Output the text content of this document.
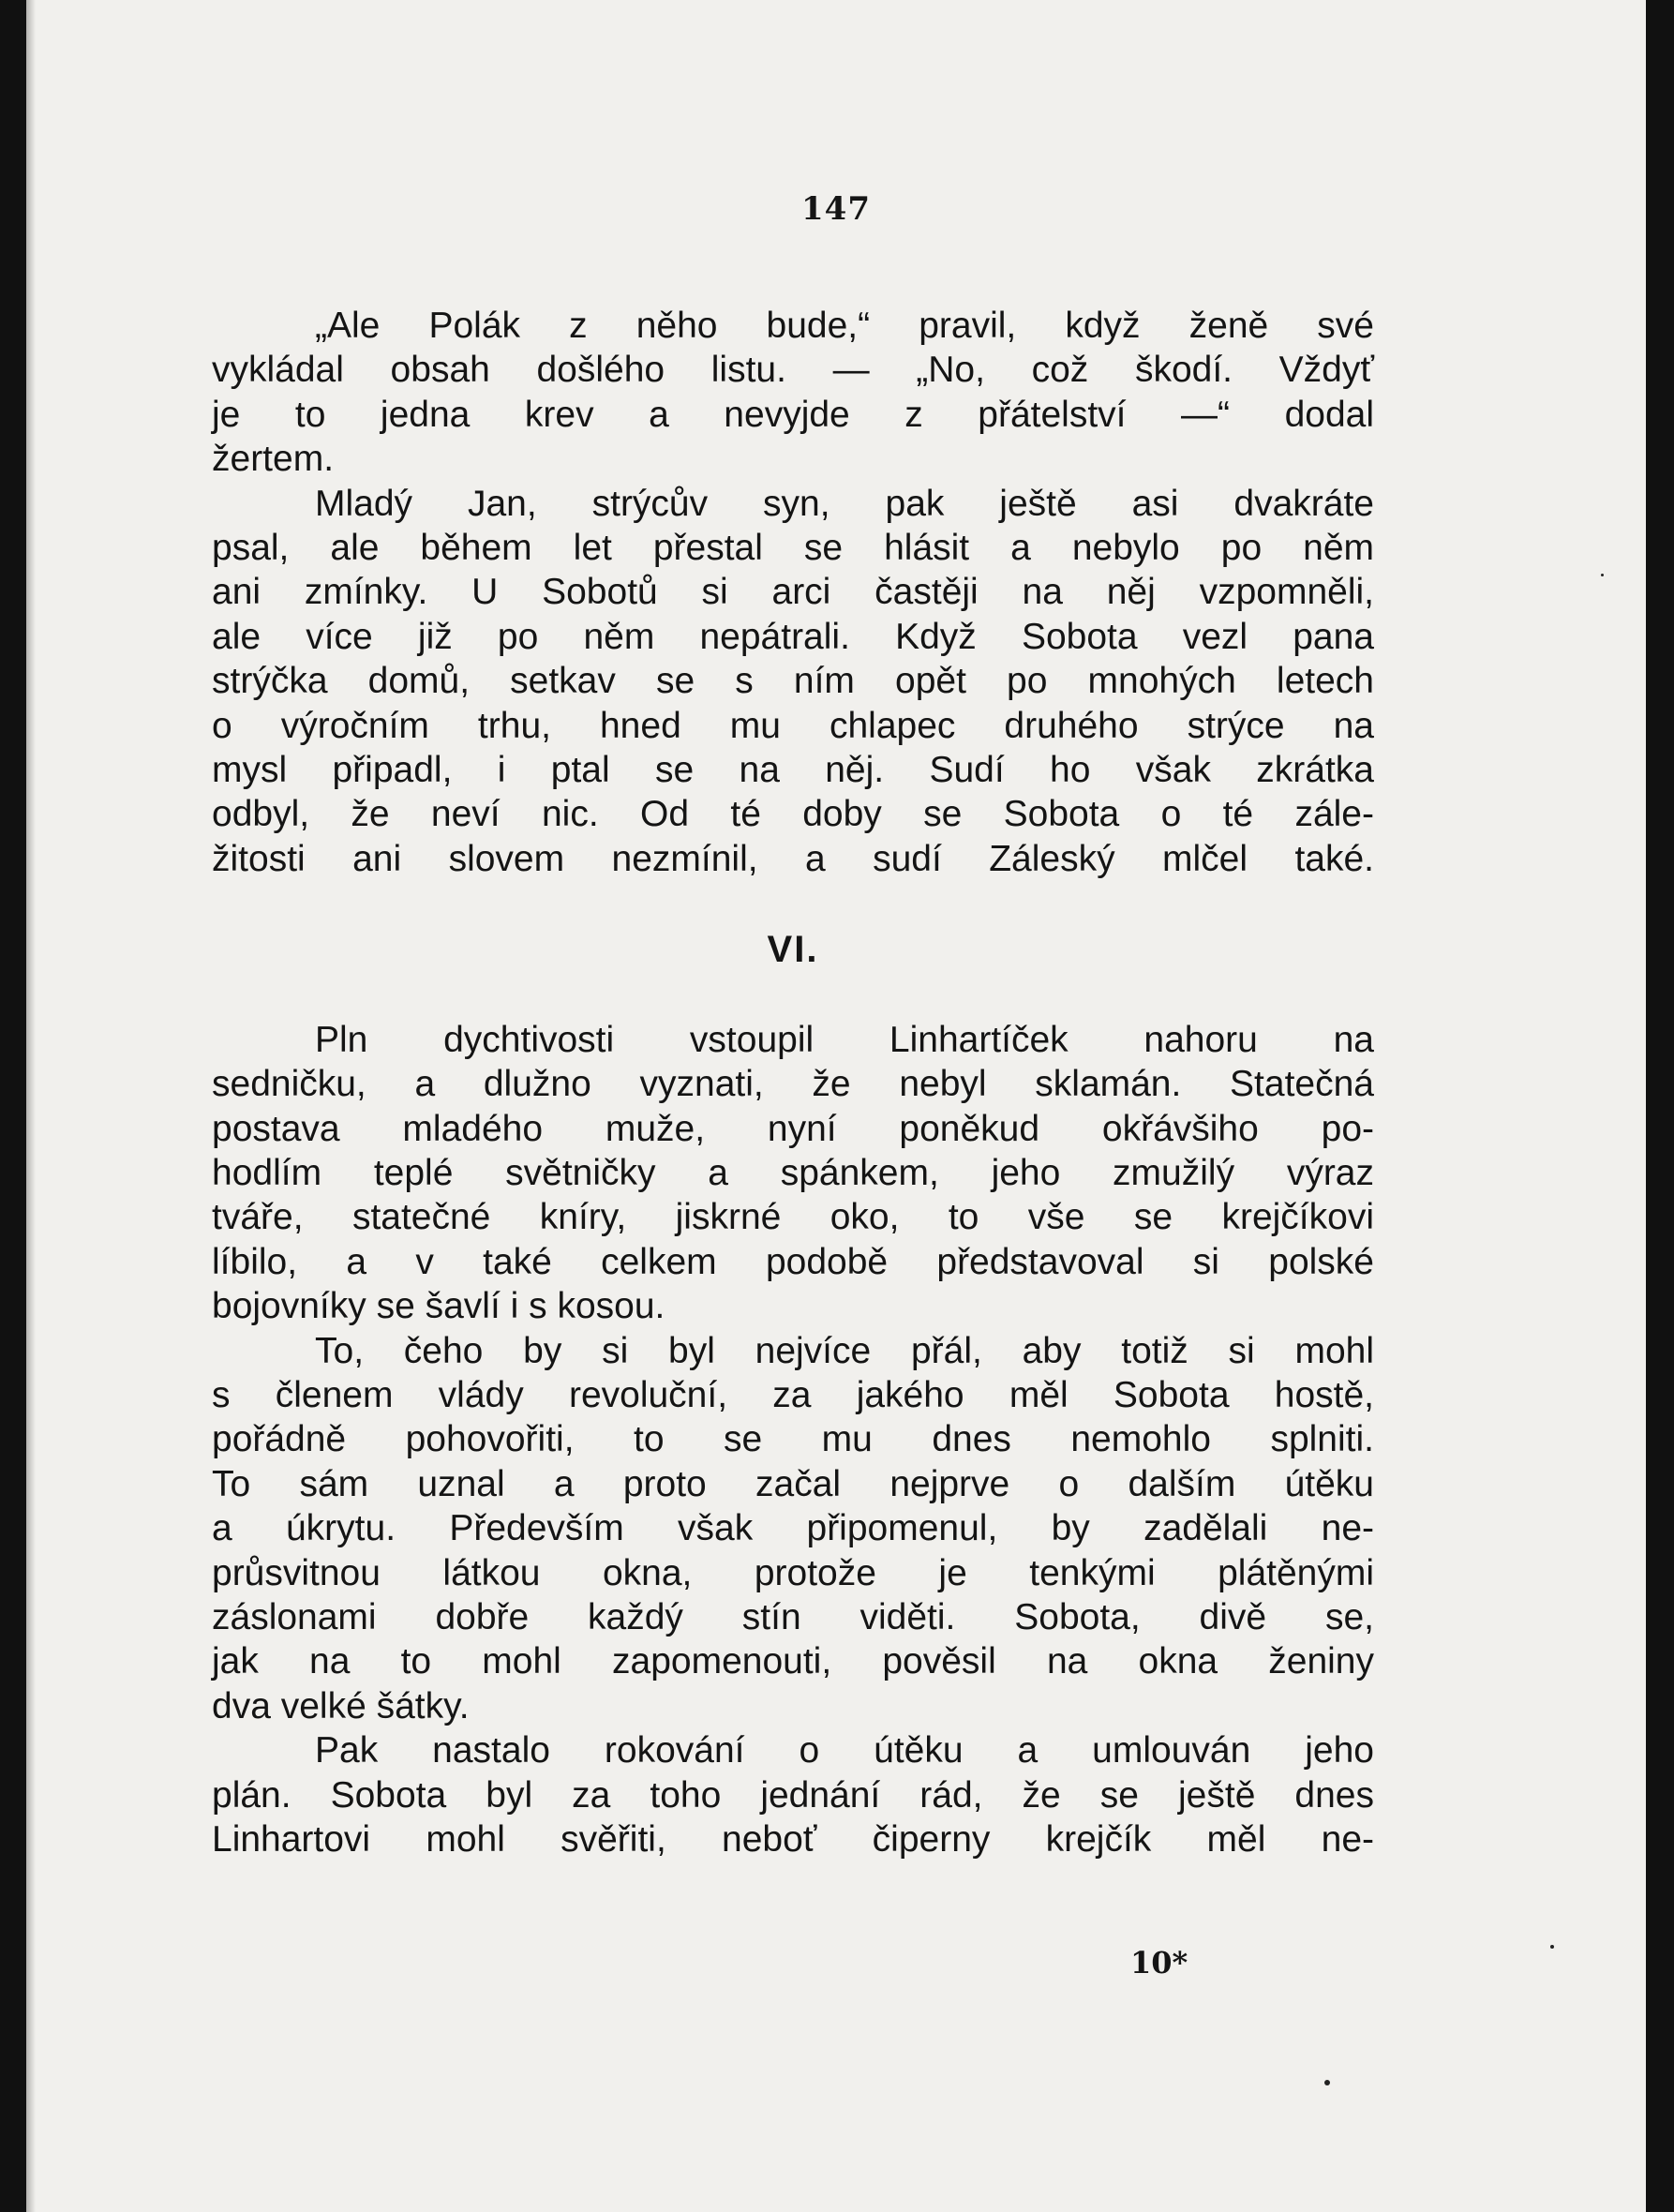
147

„Ale Polák z něho bude,“ pravil, když ženě své
vykládal obsah došlého listu. — „No, což škodí. Vždyť
je to jedna krev a nevyjde z přátelství —“ dodal
žertem.
Mladý Jan, strýcův syn, pak ještě asi dvakráte
psal, ale během let přestal se hlásit a nebylo po něm
ani zmínky. U Sobotů si arci častěji na něj vzpomněli,
ale více již po něm nepátrali. Když Sobota vezl pana
strýčka domů, setkav se s ním opět po mnohých letech
o výročním trhu, hned mu chlapec druhého strýce na
mysl připadl, i ptal se na něj. Sudí ho však zkrátka
odbyl, že neví nic. Od té doby se Sobota o té zále-
žitosti ani slovem nezmínil, a sudí Záleský mlčel také.
VI.
Pln dychtivosti vstoupil Linhartíček nahoru na
sedničku, a dlužno vyznati, že nebyl sklamán. Statečná
postava mladého muže, nyní poněkud okřávšiho po-
hodlím teplé světničky a spánkem, jeho zmužilý výraz
tváře, statečné kníry, jiskrné oko, to vše se krejčíkovi
líbilo, a v také celkem podobě představoval si polské
bojovníky se šavlí i s kosou.
To, čeho by si byl nejvíce přál, aby totiž si mohl
s členem vlády revoluční, za jakého měl Sobota hostě,
pořádně pohovořiti, to se mu dnes nemohlo splniti.
To sám uznal a proto začal nejprve o dalším útěku
a úkrytu. Především však připomenul, by zadělali ne-
průsvitnou látkou okna, protože je tenkými plátěnými
záslonami dobře každý stín viděti. Sobota, divě se,
jak na to mohl zapomenouti, pověsil na okna ženiny
dva velké šátky.
Pak nastalo rokování o útěku a umlouván jeho
plán. Sobota byl za toho jednání rád, že se ještě dnes
Linhartovi mohl svěřiti, neboť čiperny krejčík měl ne-

10*
